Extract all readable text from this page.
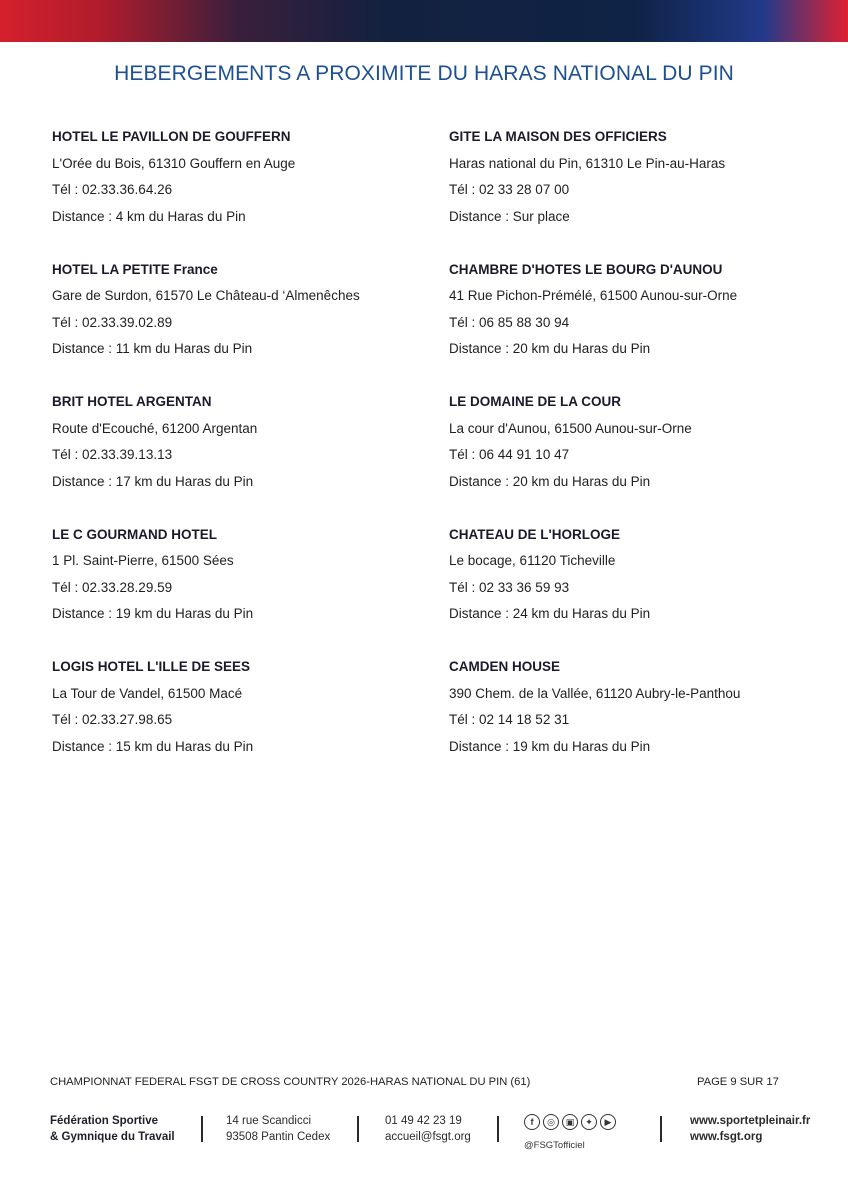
HEBERGEMENTS A PROXIMITE DU HARAS NATIONAL DU PIN
HOTEL LE PAVILLON DE GOUFFERN
L'Orée du Bois, 61310 Gouffern en Auge
Tél : 02.33.36.64.26
Distance : 4 km du Haras du Pin
HOTEL LA PETITE France
Gare de Surdon, 61570 Le Château-d ‘Almenêches
Tél : 02.33.39.02.89
Distance : 11 km du Haras du Pin
BRIT HOTEL ARGENTAN
Route d'Ecouché, 61200 Argentan
Tél : 02.33.39.13.13
Distance : 17 km du Haras du Pin
LE C GOURMAND HOTEL
1 Pl. Saint-Pierre, 61500 Sées
Tél : 02.33.28.29.59
Distance : 19 km du Haras du Pin
LOGIS HOTEL L'ILLE DE SEES
La Tour de Vandel, 61500 Macé
Tél : 02.33.27.98.65
Distance : 15 km du Haras du Pin
GITE LA MAISON DES OFFICIERS
Haras national du Pin, 61310 Le Pin-au-Haras
Tél : 02 33 28 07 00
Distance : Sur place
CHAMBRE D'HOTES LE BOURG D'AUNOU
41 Rue Pichon-Prémélé, 61500 Aunou-sur-Orne
Tél : 06 85 88 30 94
Distance : 20 km du Haras du Pin
LE DOMAINE DE LA COUR
La cour d'Aunou, 61500 Aunou-sur-Orne
Tél : 06 44 91 10 47
Distance : 20 km du Haras du Pin
CHATEAU DE L'HORLOGE
Le bocage, 61120 Ticheville
Tél : 02 33 36 59 93
Distance : 24 km du Haras du Pin
CAMDEN HOUSE
390 Chem. de la Vallée, 61120 Aubry-le-Panthou
Tél : 02 14 18 52 31
Distance : 19 km du Haras du Pin
CHAMPIONNAT FEDERAL FSGT DE CROSS COUNTRY 2026-HARAS NATIONAL DU PIN (61)	PAGE 9 SUR 17
Fédération Sportive
& Gymnique du Travail
14 rue Scandicci
93508 Pantin Cedex
01 49 42 23 19
accueil@fsgt.org
f	◎	▣	✦	▶
@FSGTofficiel
www.sportetpleinair.fr
www.fsgt.org
